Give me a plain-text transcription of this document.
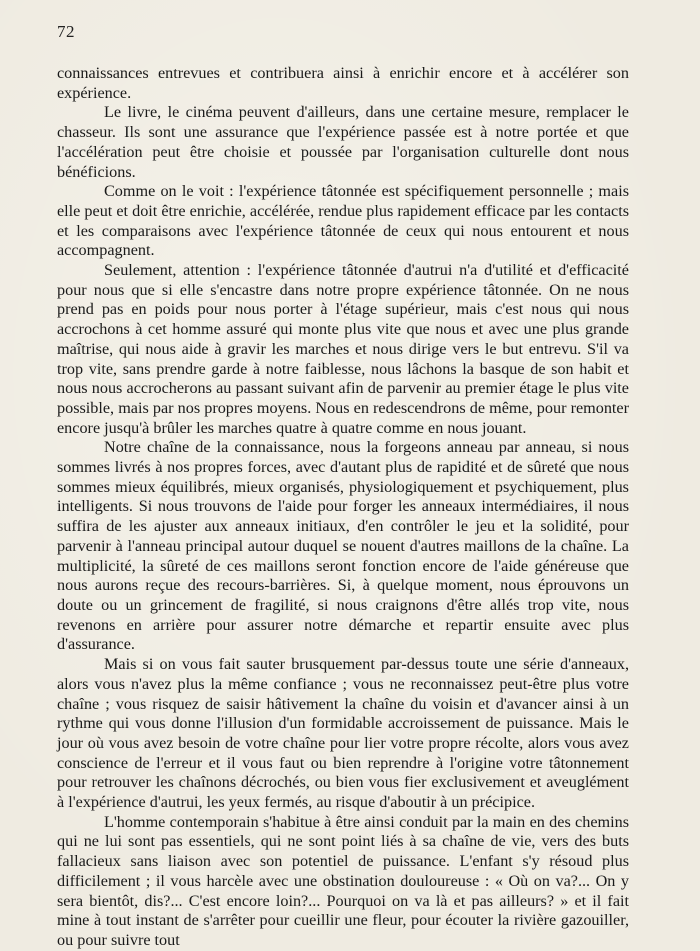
72

connaissances entrevues et contribuera ainsi à enrichir encore et à accélérer son expérience.

Le livre, le cinéma peuvent d'ailleurs, dans une certaine mesure, remplacer le chasseur. Ils sont une assurance que l'expérience passée est à notre portée et que l'accélération peut être choisie et poussée par l'organisation culturelle dont nous bénéficions.

Comme on le voit : l'expérience tâtonnée est spécifiquement personnelle ; mais elle peut et doit être enrichie, accélérée, rendue plus rapidement efficace par les contacts et les comparaisons avec l'expérience tâtonnée de ceux qui nous entourent et nous accompagnent.

Seulement, attention : l'expérience tâtonnée d'autrui n'a d'utilité et d'efficacité pour nous que si elle s'encastre dans notre propre expérience tâtonnée. On ne nous prend pas en poids pour nous porter à l'étage supérieur, mais c'est nous qui nous accrochons à cet homme assuré qui monte plus vite que nous et avec une plus grande maîtrise, qui nous aide à gravir les marches et nous dirige vers le but entrevu. S'il va trop vite, sans prendre garde à notre faiblesse, nous lâchons la basque de son habit et nous nous accrocherons au passant suivant afin de parvenir au premier étage le plus vite possible, mais par nos propres moyens. Nous en redescendrons de même, pour remonter encore jusqu'à brûler les marches quatre à quatre comme en nous jouant.

Notre chaîne de la connaissance, nous la forgeons anneau par anneau, si nous sommes livrés à nos propres forces, avec d'autant plus de rapidité et de sûreté que nous sommes mieux équilibrés, mieux organisés, physiologiquement et psychiquement, plus intelligents. Si nous trouvons de l'aide pour forger les anneaux intermédiaires, il nous suffira de les ajuster aux anneaux initiaux, d'en contrôler le jeu et la solidité, pour parvenir à l'anneau principal autour duquel se nouent d'autres maillons de la chaîne. La multiplicité, la sûreté de ces maillons seront fonction encore de l'aide généreuse que nous aurons reçue des recours-barrières. Si, à quelque moment, nous éprouvons un doute ou un grincement de fragilité, si nous craignons d'être allés trop vite, nous revenons en arrière pour assurer notre démarche et repartir ensuite avec plus d'assurance.

Mais si on vous fait sauter brusquement par-dessus toute une série d'anneaux, alors vous n'avez plus la même confiance ; vous ne reconnaissez peut-être plus votre chaîne ; vous risquez de saisir hâtivement la chaîne du voisin et d'avancer ainsi à un rythme qui vous donne l'illusion d'un formidable accroissement de puissance. Mais le jour où vous avez besoin de votre chaîne pour lier votre propre récolte, alors vous avez conscience de l'erreur et il vous faut ou bien reprendre à l'origine votre tâtonnement pour retrouver les chaînons décrochés, ou bien vous fier exclusivement et aveuglément à l'expérience d'autrui, les yeux fermés, au risque d'aboutir à un précipice.

L'homme contemporain s'habitue à être ainsi conduit par la main en des chemins qui ne lui sont pas essentiels, qui ne sont point liés à sa chaîne de vie, vers des buts fallacieux sans liaison avec son potentiel de puissance. L'enfant s'y résoud plus difficilement ; il vous harcèle avec une obstination douloureuse : « Où on va?... On y sera bientôt, dis?... C'est encore loin?... Pourquoi on va là et pas ailleurs? » et il fait mine à tout instant de s'arrêter pour cueillir une fleur, pour écouter la rivière gazouiller, ou pour suivre tout
